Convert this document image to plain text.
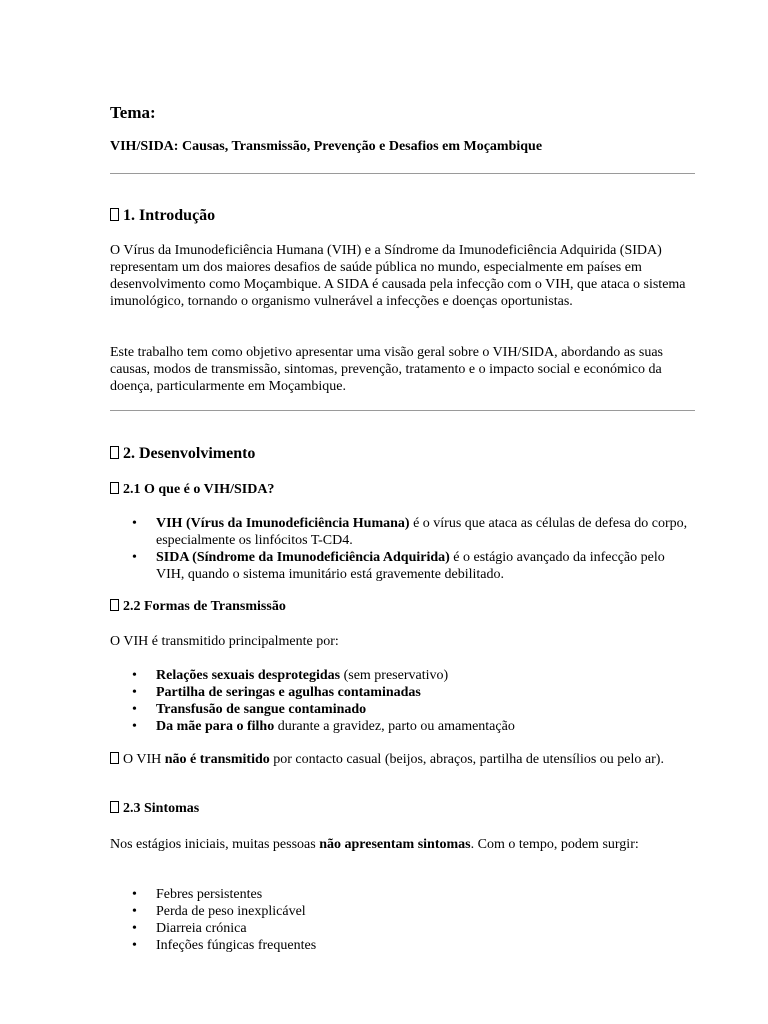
Tema:

VIH/SIDA: Causas, Transmissão, Prevenção e Desafios em Moçambique

1. Introdução

O Vírus da Imunodeficiência Humana (VIH) e a Síndrome da Imunodeficiência Adquirida (SIDA) representam um dos maiores desafios de saúde pública no mundo, especialmente em países em desenvolvimento como Moçambique. A SIDA é causada pela infecção com o VIH, que ataca o sistema imunológico, tornando o organismo vulnerável a infecções e doenças oportunistas.

Este trabalho tem como objetivo apresentar uma visão geral sobre o VIH/SIDA, abordando as suas causas, modos de transmissão, sintomas, prevenção, tratamento e o impacto social e económico da doença, particularmente em Moçambique.

2. Desenvolvimento

2.1 O que é o VIH/SIDA?

• VIH (Vírus da Imunodeficiência Humana) é o vírus que ataca as células de defesa do corpo, especialmente os linfócitos T-CD4.
• SIDA (Síndrome da Imunodeficiência Adquirida) é o estágio avançado da infecção pelo VIH, quando o sistema imunitário está gravemente debilitado.

2.2 Formas de Transmissão

O VIH é transmitido principalmente por:

• Relações sexuais desprotegidas (sem preservativo)
• Partilha de seringas e agulhas contaminadas
• Transfusão de sangue contaminado
• Da mãe para o filho durante a gravidez, parto ou amamentação

O VIH não é transmitido por contacto casual (beijos, abraços, partilha de utensílios ou pelo ar).

2.3 Sintomas

Nos estágios iniciais, muitas pessoas não apresentam sintomas. Com o tempo, podem surgir:

• Febres persistentes
• Perda de peso inexplicável
• Diarreia crónica
• Infeções fúngicas frequentes
